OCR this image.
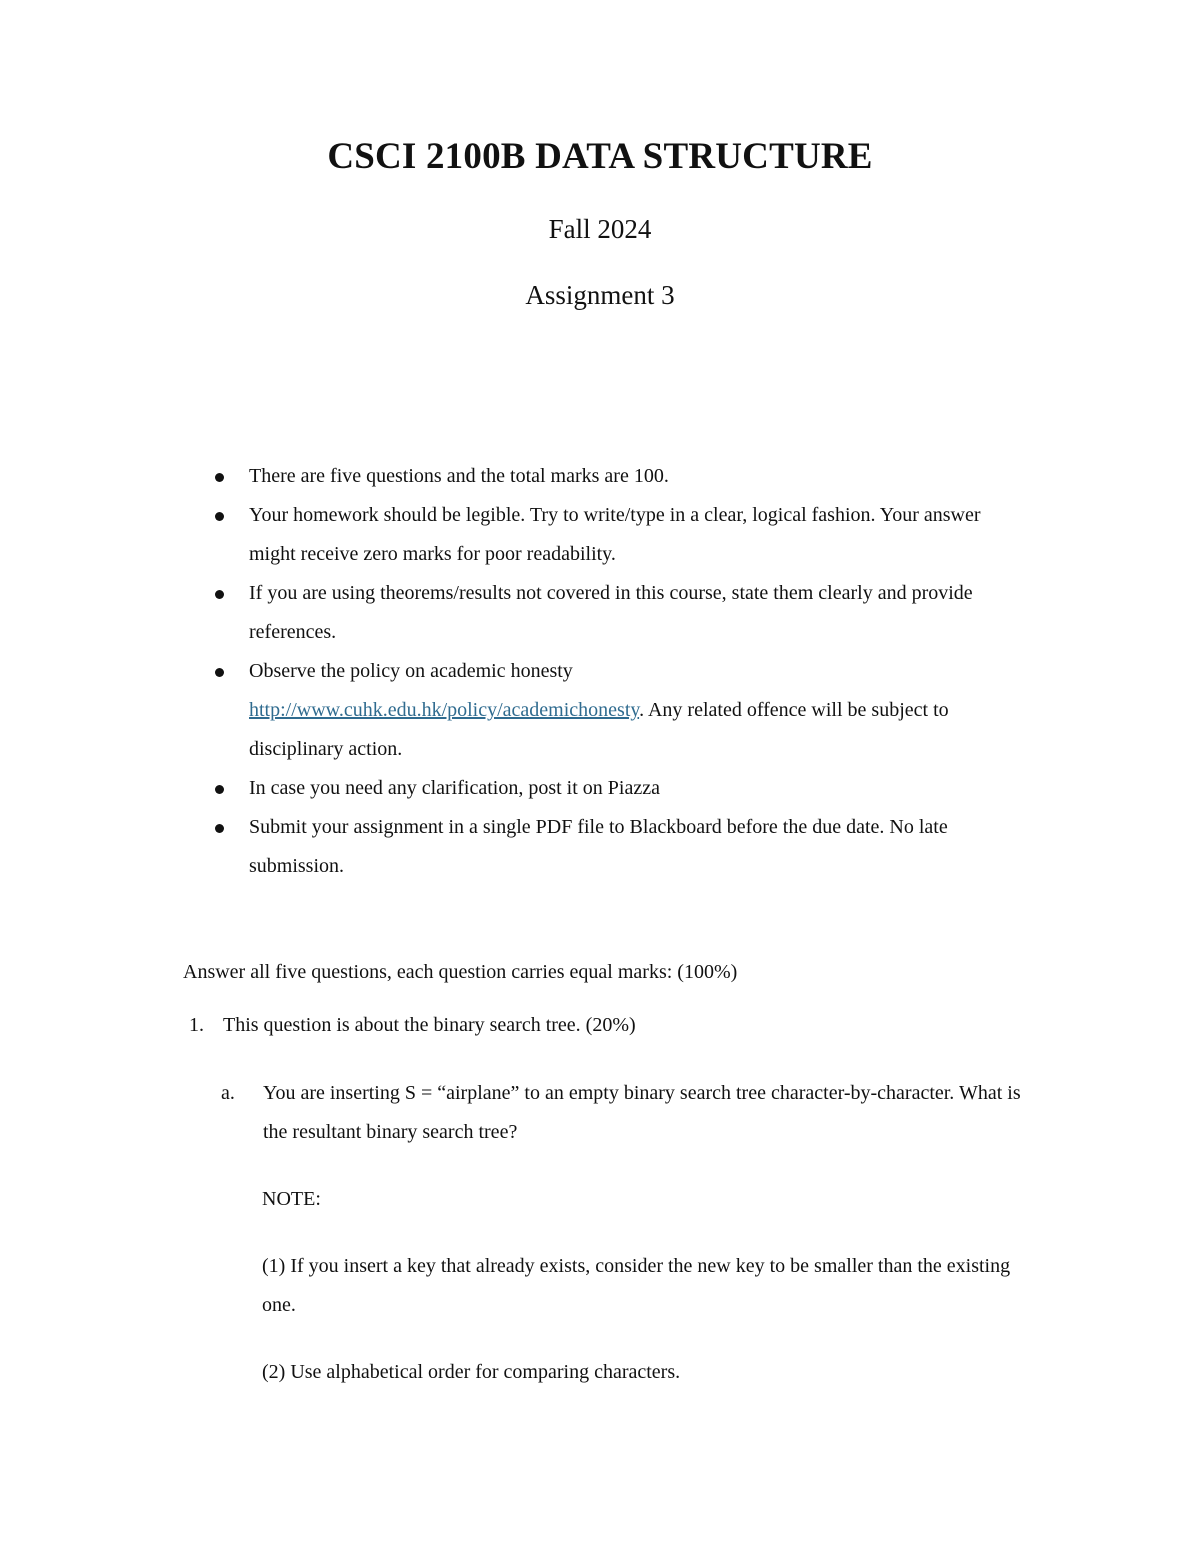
CSCI 2100B DATA STRUCTURE

Fall 2024

Assignment 3

There are five questions and the total marks are 100.
Your homework should be legible. Try to write/type in a clear, logical fashion. Your answer might receive zero marks for poor readability.
If you are using theorems/results not covered in this course, state them clearly and provide references.
Observe the policy on academic honesty
http://www.cuhk.edu.hk/policy/academichonesty. Any related offence will be subject to disciplinary action.
In case you need any clarification, post it on Piazza
Submit your assignment in a single PDF file to Blackboard before the due date. No late submission.

Answer all five questions, each question carries equal marks: (100%)

1. This question is about the binary search tree. (20%)

a. You are inserting S = “airplane” to an empty binary search tree character-by-character. What is the resultant binary search tree?

NOTE:

(1) If you insert a key that already exists, consider the new key to be smaller than the existing one.

(2) Use alphabetical order for comparing characters.
